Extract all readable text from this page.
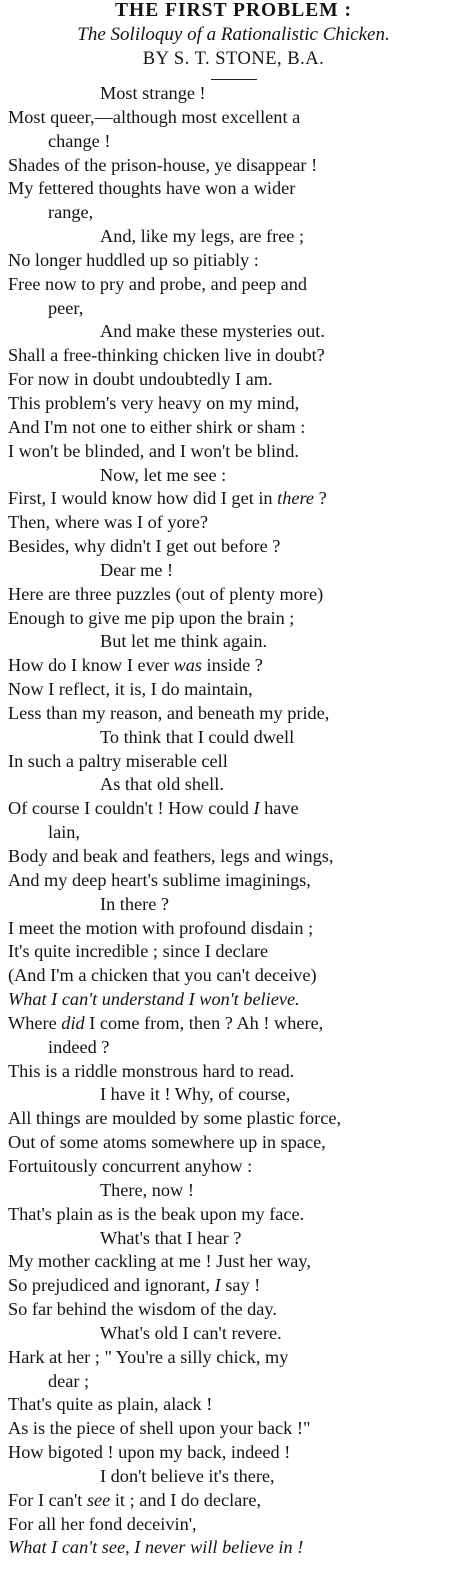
THE FIRST PROBLEM :

The Soliloquy of a Rationalistic Chicken.

BY S. T. STONE, B.A.

Most strange !
Most queer,—although most excellent a
change !
Shades of the prison-house, ye disappear !
My fettered thoughts have won a wider
range,
And, like my legs, are free ;
No longer huddled up so pitiably :
Free now to pry and probe, and peep and
peer,
And make these mysteries out.
Shall a free-thinking chicken live in doubt?
For now in doubt undoubtedly I am.
This problem's very heavy on my mind,
And I'm not one to either shirk or sham :
I won't be blinded, and I won't be blind.
Now, let me see :
First, I would know how did I get in there ?
Then, where was I of yore?
Besides, why didn't I get out before ?
Dear me !
Here are three puzzles (out of plenty more)
Enough to give me pip upon the brain ;
But let me think again.
How do I know I ever was inside ?
Now I reflect, it is, I do maintain,
Less than my reason, and beneath my pride,
To think that I could dwell
In such a paltry miserable cell
As that old shell.
Of course I couldn't ! How could I have
lain,
Body and beak and feathers, legs and wings,
And my deep heart's sublime imaginings,
In there ?
I meet the motion with profound disdain ;
It's quite incredible ; since I declare
(And I'm a chicken that you can't deceive)
What I can't understand I won't believe.
Where did I come from, then ? Ah ! where,
indeed ?
This is a riddle monstrous hard to read.
I have it ! Why, of course,
All things are moulded by some plastic force,
Out of some atoms somewhere up in space,
Fortuitously concurrent anyhow :
There, now !
That's plain as is the beak upon my face.
What's that I hear ?
My mother cackling at me ! Just her way,
So prejudiced and ignorant, I say !
So far behind the wisdom of the day.
What's old I can't revere.
Hark at her ; " You're a silly chick, my
dear ;
That's quite as plain, alack !
As is the piece of shell upon your back !"
How bigoted ! upon my back, indeed !
I don't believe it's there,
For I can't see it ; and I do declare,
For all her fond deceivin',
What I can't see, I never will believe in !
